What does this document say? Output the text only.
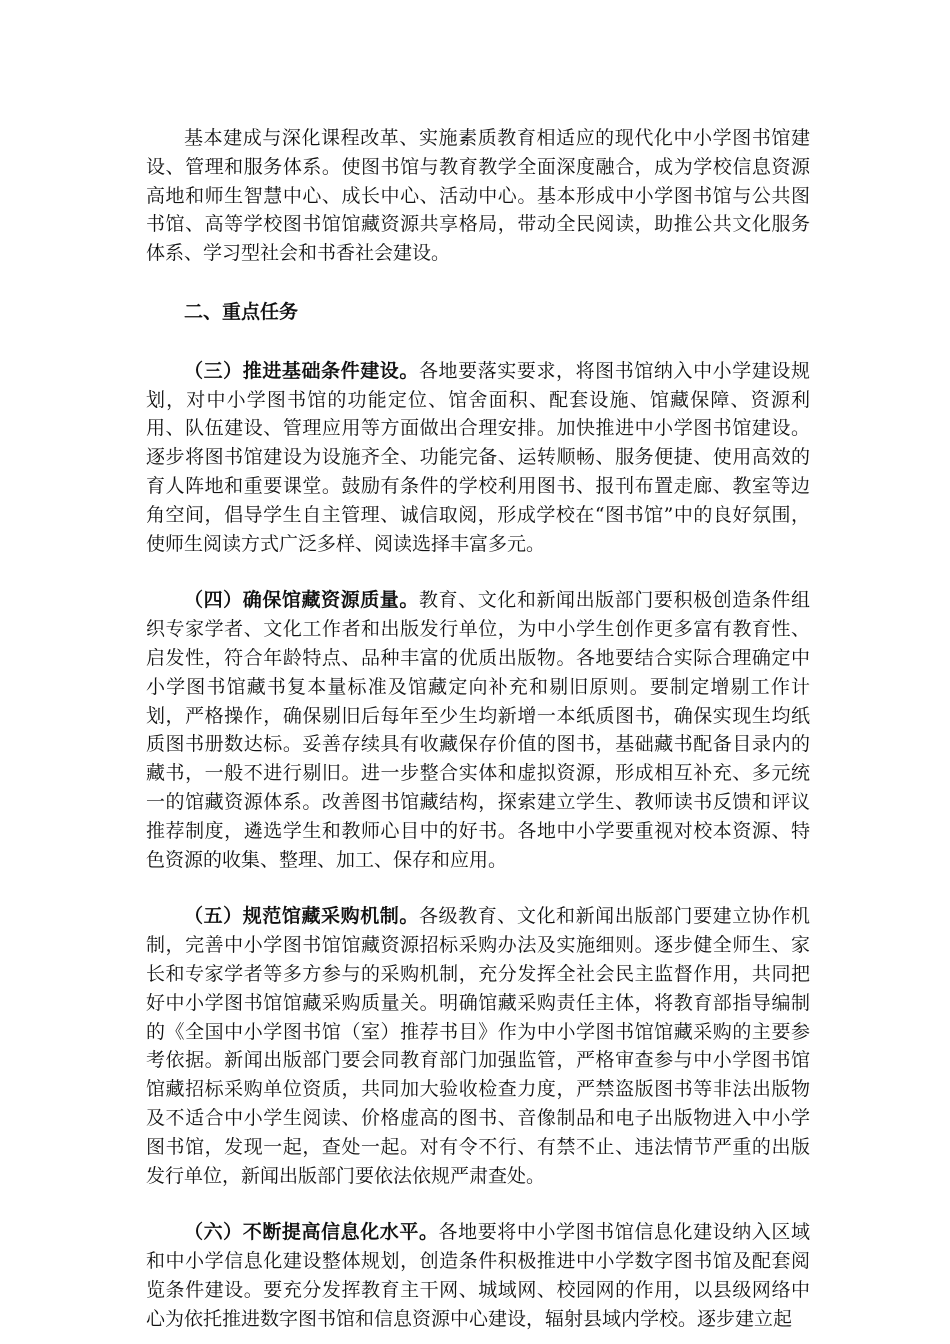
基本建成与深化课程改革、实施素质教育相适应的现代化中小学图书馆建设、管理和服务体系。使图书馆与教育教学全面深度融合，成为学校信息资源高地和师生智慧中心、成长中心、活动中心。基本形成中小学图书馆与公共图书馆、高等学校图书馆馆藏资源共享格局，带动全民阅读，助推公共文化服务体系、学习型社会和书香社会建设。

二、重点任务

（三）推进基础条件建设。各地要落实要求，将图书馆纳入中小学建设规划，对中小学图书馆的功能定位、馆舍面积、配套设施、馆藏保障、资源利用、队伍建设、管理应用等方面做出合理安排。加快推进中小学图书馆建设。逐步将图书馆建设为设施齐全、功能完备、运转顺畅、服务便捷、使用高效的育人阵地和重要课堂。鼓励有条件的学校利用图书、报刊布置走廊、教室等边角空间，倡导学生自主管理、诚信取阅，形成学校在“图书馆”中的良好氛围，使师生阅读方式广泛多样、阅读选择丰富多元。

（四）确保馆藏资源质量。教育、文化和新闻出版部门要积极创造条件组织专家学者、文化工作者和出版发行单位，为中小学生创作更多富有教育性、启发性，符合年龄特点、品种丰富的优质出版物。各地要结合实际合理确定中小学图书馆藏书复本量标准及馆藏定向补充和剔旧原则。要制定增剔工作计划，严格操作，确保剔旧后每年至少生均新增一本纸质图书，确保实现生均纸质图书册数达标。妥善存续具有收藏保存价值的图书，基础藏书配备目录内的藏书，一般不进行剔旧。进一步整合实体和虚拟资源，形成相互补充、多元统一的馆藏资源体系。改善图书馆藏结构，探索建立学生、教师读书反馈和评议推荐制度，遴选学生和教师心目中的好书。各地中小学要重视对校本资源、特色资源的收集、整理、加工、保存和应用。

（五）规范馆藏采购机制。各级教育、文化和新闻出版部门要建立协作机制，完善中小学图书馆馆藏资源招标采购办法及实施细则。逐步健全师生、家长和专家学者等多方参与的采购机制，充分发挥全社会民主监督作用，共同把好中小学图书馆馆藏采购质量关。明确馆藏采购责任主体，将教育部指导编制的《全国中小学图书馆（室）推荐书目》作为中小学图书馆馆藏采购的主要参考依据。新闻出版部门要会同教育部门加强监管，严格审查参与中小学图书馆馆藏招标采购单位资质，共同加大验收检查力度，严禁盗版图书等非法出版物及不适合中小学生阅读、价格虚高的图书、音像制品和电子出版物进入中小学图书馆，发现一起，查处一起。对有令不行、有禁不止、违法情节严重的出版发行单位，新闻出版部门要依法依规严肃查处。

（六）不断提高信息化水平。各地要将中小学图书馆信息化建设纳入区域和中小学信息化建设整体规划，创造条件积极推进中小学数字图书馆及配套阅览条件建设。要充分发挥教育主干网、城域网、校园网的作用，以县级网络中心为依托推进数字图书馆和信息资源中心建设，辐射县域内学校。逐步建立起
